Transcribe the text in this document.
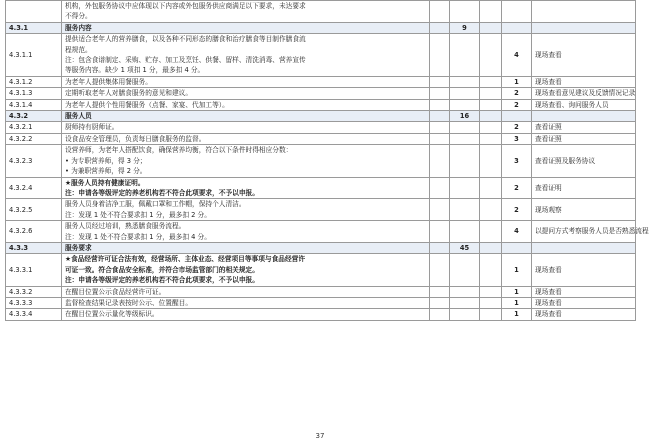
	机构，外包服务协议中应体现以下内容或外包服务供应商满足以下要求，未达要求
不得分。					

4.3.1	服务内容		9			
4.3.1.1	提供适合老年人的营养膳食，以及各种不同形态的膳食和治疗膳食等目制作膳食流
程规范。
注：包含食谱制定、采购、贮存、加工及烹饪、供餐、留样、清洗消毒、营养宣传
等服务内容。缺少 1 项扣 1 分，最多扣 4 分。				4	现场查看
4.3.1.2	为老年人提供集体用餐服务。				1	现场查看
4.3.1.3	定期听取老年人对膳食服务的意见和建议。				2	现场查看意见建议及反馈情况记录
4.3.1.4	为老年人提供个性用餐服务（点餐、家宴、代加工等）。				2	现场查看、询问服务人员
4.3.2	服务人员		16			
4.3.2.1	厨师持有厨师证。				2	查看证照
4.3.2.2	设食品安全管理员，负责每日膳食服务的监督。				3	查看证照
4.3.2.3	设营养师，为老年人搭配饮食，确保营养均衡，符合以下条件时得相应分数：
• 为专职营养师，得 3 分；
• 为兼职营养师，得 2 分。				3	查看证照及服务协议
4.3.2.4	★服务人员持有健康证明。
注：申请各等级评定的养老机构若不符合此项要求，不予以申报。				2	查看证明
4.3.2.5	服务人员身着洁净工服，佩戴口罩和工作帽，保持个人清洁。
注：发现 1 处不符合要求扣 1 分，最多扣 2 分。				2	现场观察
4.3.2.6	服务人员经过培训，熟悉膳食服务流程。
注：发现 1 处不符合要求扣 1 分，最多扣 4 分。				4	以提问方式考察服务人员是否熟悉流程
4.3.3	服务要求		45			
4.3.3.1	★食品经营许可证合法有效，经营场所、主体业态、经营项目等事项与食品经营许
可证一致。符合食品安全标准，并符合市场监管部门的相关规定。
注：申请各等级评定的养老机构若不符合此项要求，不予以申报。				1	现场查看
4.3.3.2	在醒目位置公示食品经营许可证。				1	现场查看
4.3.3.3	监督检查结果记录表按时公示、位置醒目。				1	现场查看
4.3.3.4	在醒目位置公示量化等级标识。				1	现场查看
37
